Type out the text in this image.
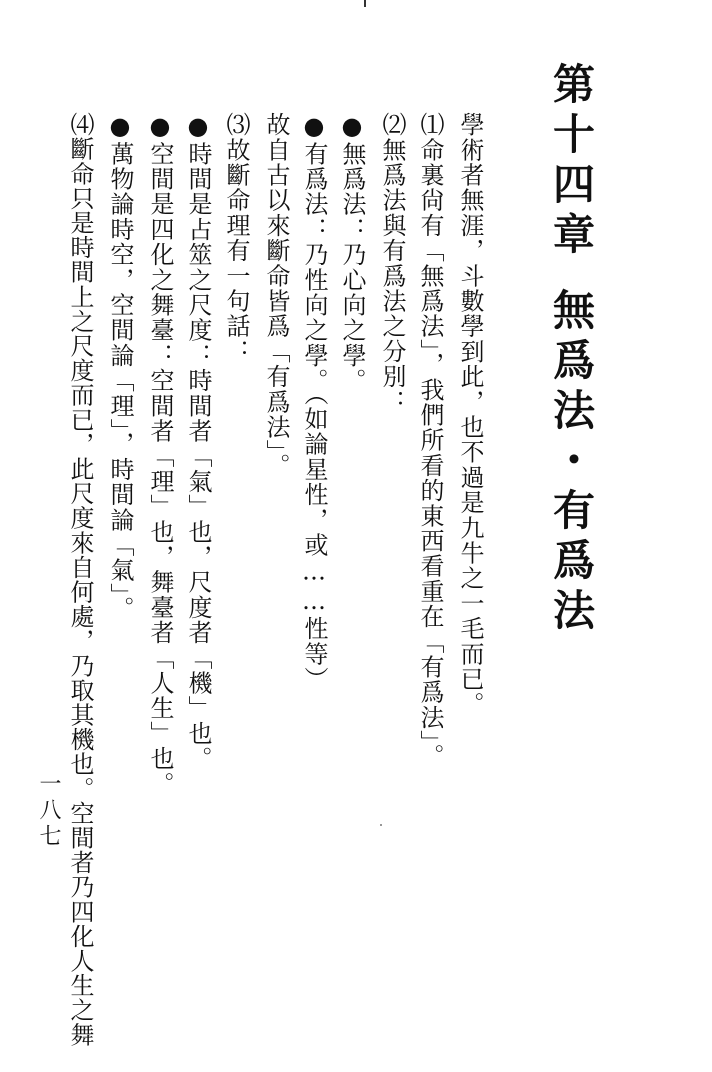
第十四章無爲法・有爲法
學術者無涯，斗數學到此，也不過是九牛之一毛而已。
⑴命裏尙有「無爲法」，我們所看的東西看重在「有爲法」。
⑵無爲法與有爲法之分別：
●無爲法：乃心向之學。
●有爲法：乃性向之學。（如論星性，或……性等）
故自古以來斷命皆爲「有爲法」。
⑶故斷命理有一句話：
●時間是占筮之尺度：時間者「氣」也，尺度者「機」也。
●空間是四化之舞臺：空間者「理」也，舞臺者「人生」也。
●萬物論時空，空間論「理」，時間論「氣」。
⑷斷命只是時間上之尺度而已，此尺度來自何處，乃取其機也。空間者乃四化人生之舞
一八七
